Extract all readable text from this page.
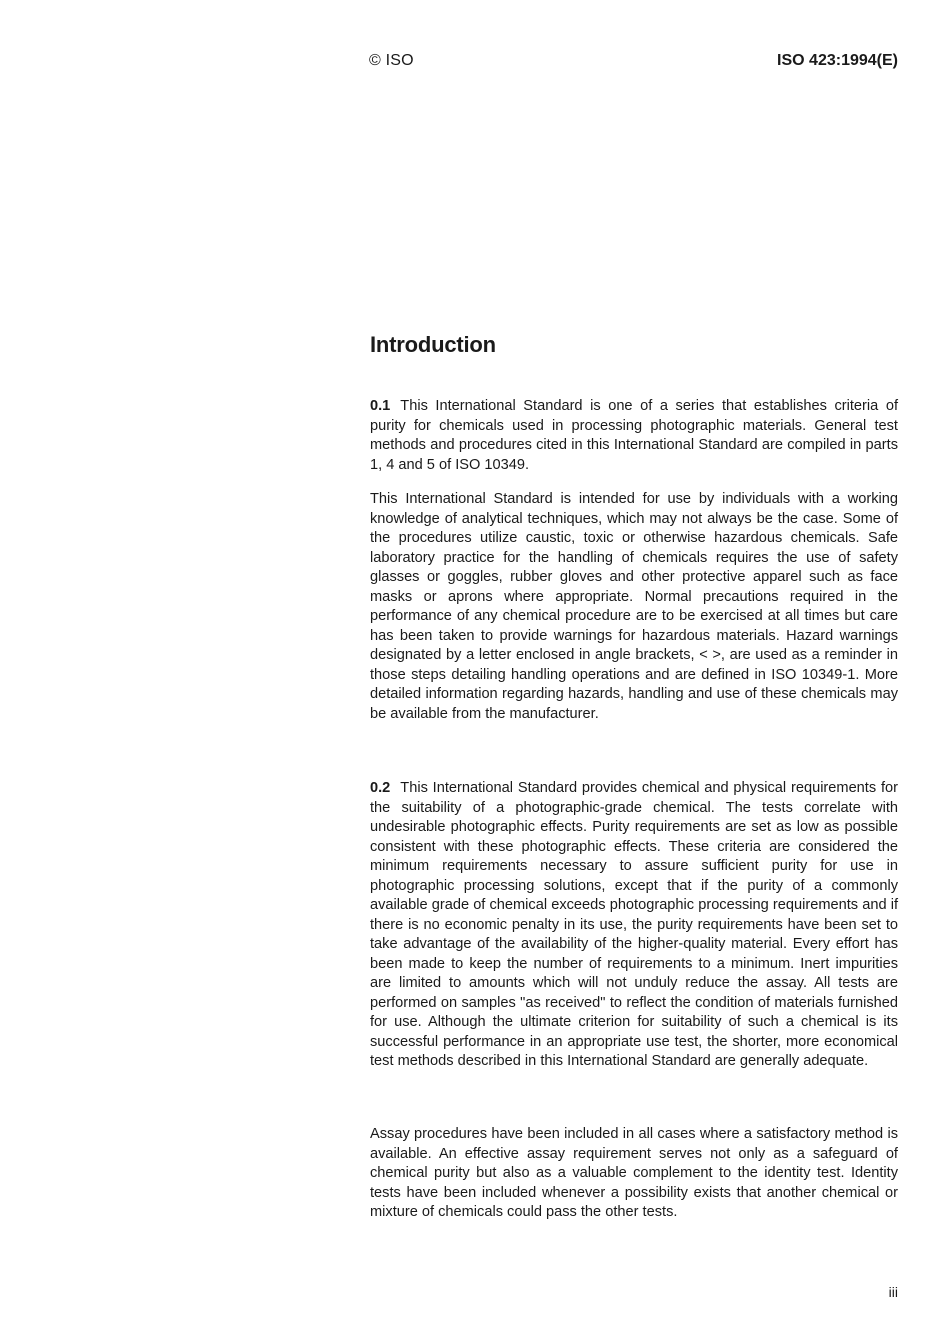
© ISO	ISO 423:1994(E)
Introduction

0.1 This International Standard is one of a series that establishes criteria of purity for chemicals used in processing photographic materials. General test methods and procedures cited in this International Standard are compiled in parts 1, 4 and 5 of ISO 10349.

This International Standard is intended for use by individuals with a working knowledge of analytical techniques, which may not always be the case. Some of the procedures utilize caustic, toxic or otherwise hazardous chemicals. Safe laboratory practice for the handling of chemicals requires the use of safety glasses or goggles, rubber gloves and other protective apparel such as face masks or aprons where appropriate. Normal precautions required in the performance of any chemical procedure are to be exercised at all times but care has been taken to provide warnings for hazardous materials. Hazard warnings designated by a letter enclosed in angle brackets, < >, are used as a reminder in those steps detailing handling operations and are defined in ISO 10349-1. More detailed information regarding hazards, handling and use of these chemicals may be available from the manufacturer.

0.2 This International Standard provides chemical and physical requirements for the suitability of a photographic-grade chemical. The tests correlate with undesirable photographic effects. Purity requirements are set as low as possible consistent with these photographic effects. These criteria are considered the minimum requirements necessary to assure sufficient purity for use in photographic processing solutions, except that if the purity of a commonly available grade of chemical exceeds photographic processing requirements and if there is no economic penalty in its use, the purity requirements have been set to take advantage of the availability of the higher-quality material. Every effort has been made to keep the number of requirements to a minimum. Inert impurities are limited to amounts which will not unduly reduce the assay. All tests are performed on samples "as received" to reflect the condition of materials furnished for use. Although the ultimate criterion for suitability of such a chemical is its successful performance in an appropriate use test, the shorter, more economical test methods described in this International Standard are generally adequate.

Assay procedures have been included in all cases where a satisfactory method is available. An effective assay requirement serves not only as a safeguard of chemical purity but also as a valuable complement to the identity test. Identity tests have been included whenever a possibility exists that another chemical or mixture of chemicals could pass the other tests.

iii
